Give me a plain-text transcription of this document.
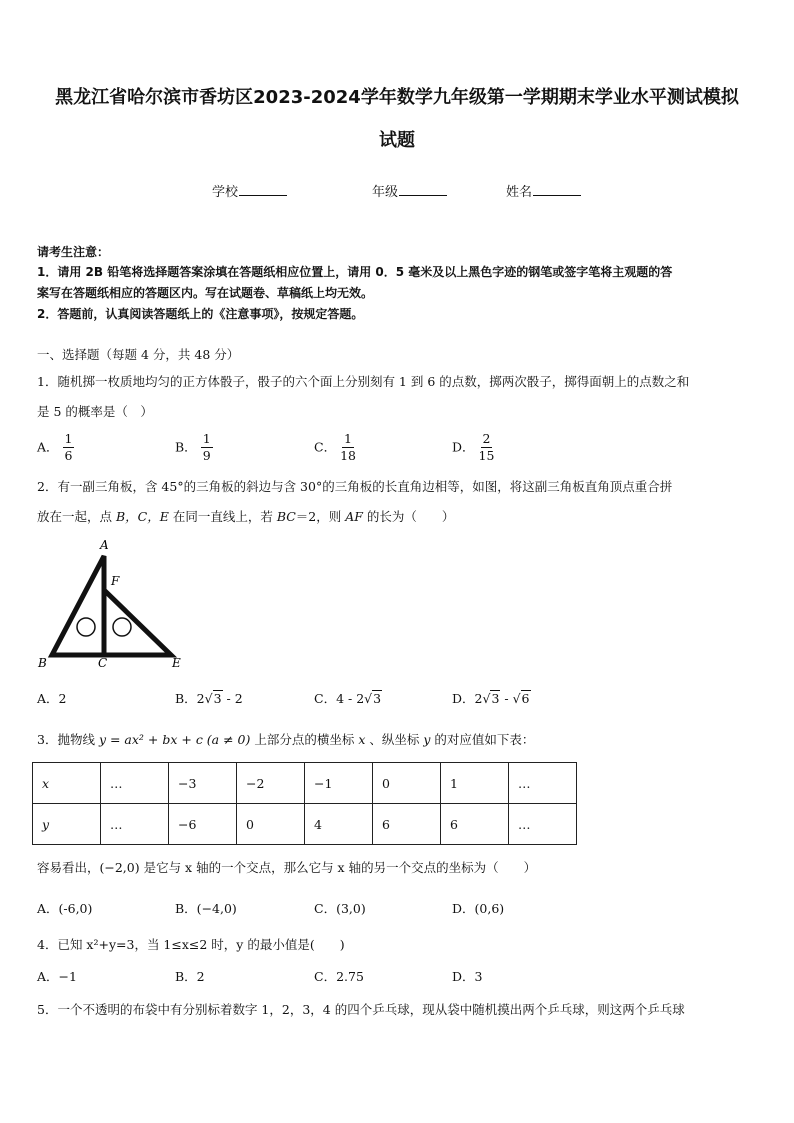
黑龙江省哈尔滨市香坊区2023-2024学年数学九年级第一学期期末学业水平测试模拟
试题
学校	年级	姓名
请考生注意：
1．请用 2B 铅笔将选择题答案涂填在答题纸相应位置上，请用 0．5 毫米及以上黑色字迹的钢笔或签字笔将主观题的答
案写在答题纸相应的答题区内。写在试题卷、草稿纸上均无效。
2．答题前，认真阅读答题纸上的《注意事项》，按规定答题。
一、选择题（每题 4 分，共 48 分）
1．随机掷一枚质地均匀的正方体骰子，骰子的六个面上分别刻有 1 到 6 的点数，掷两次骰子，掷得面朝上的点数之和
是 5 的概率是（　）
A． $\frac{1}{6}$	B． $\frac{1}{9}$	C． $\frac{1}{18}$	D． $\frac{2}{15}$
2．有一副三角板，含 45°的三角板的斜边与含 30°的三角板的长直角边相等，如图，将这副三角板直角顶点重合拼
放在一起，点 B，C，E 在同一直线上，若 BC＝2，则 AF 的长为（　　）
A
F
B	C	E
A．2	B．2√3 - 2	C．4 - 2√3	D．2√3 - √6
3．抛物线 y = ax² + bx + c (a ≠ 0) 上部分点的横坐标 x 、纵坐标 y 的对应值如下表：
x	…	−3	−2	−1	0	1	…
y	…	−6	0	4	6	6	…
容易看出，(−2,0) 是它与 x 轴的一个交点，那么它与 x 轴的另一个交点的坐标为（　　）
A．(-6,0)	B．(−4,0)	C．(3,0)	D．(0,6)
4．已知 x²+y=3，当 1≤x≤2 时，y 的最小值是(　　)
A．−1	B．2	C．2.75	D．3
5．一个不透明的布袋中有分别标着数字 1，2，3，4 的四个乒乓球，现从袋中随机摸出两个乒乓球，则这两个乒乓球
